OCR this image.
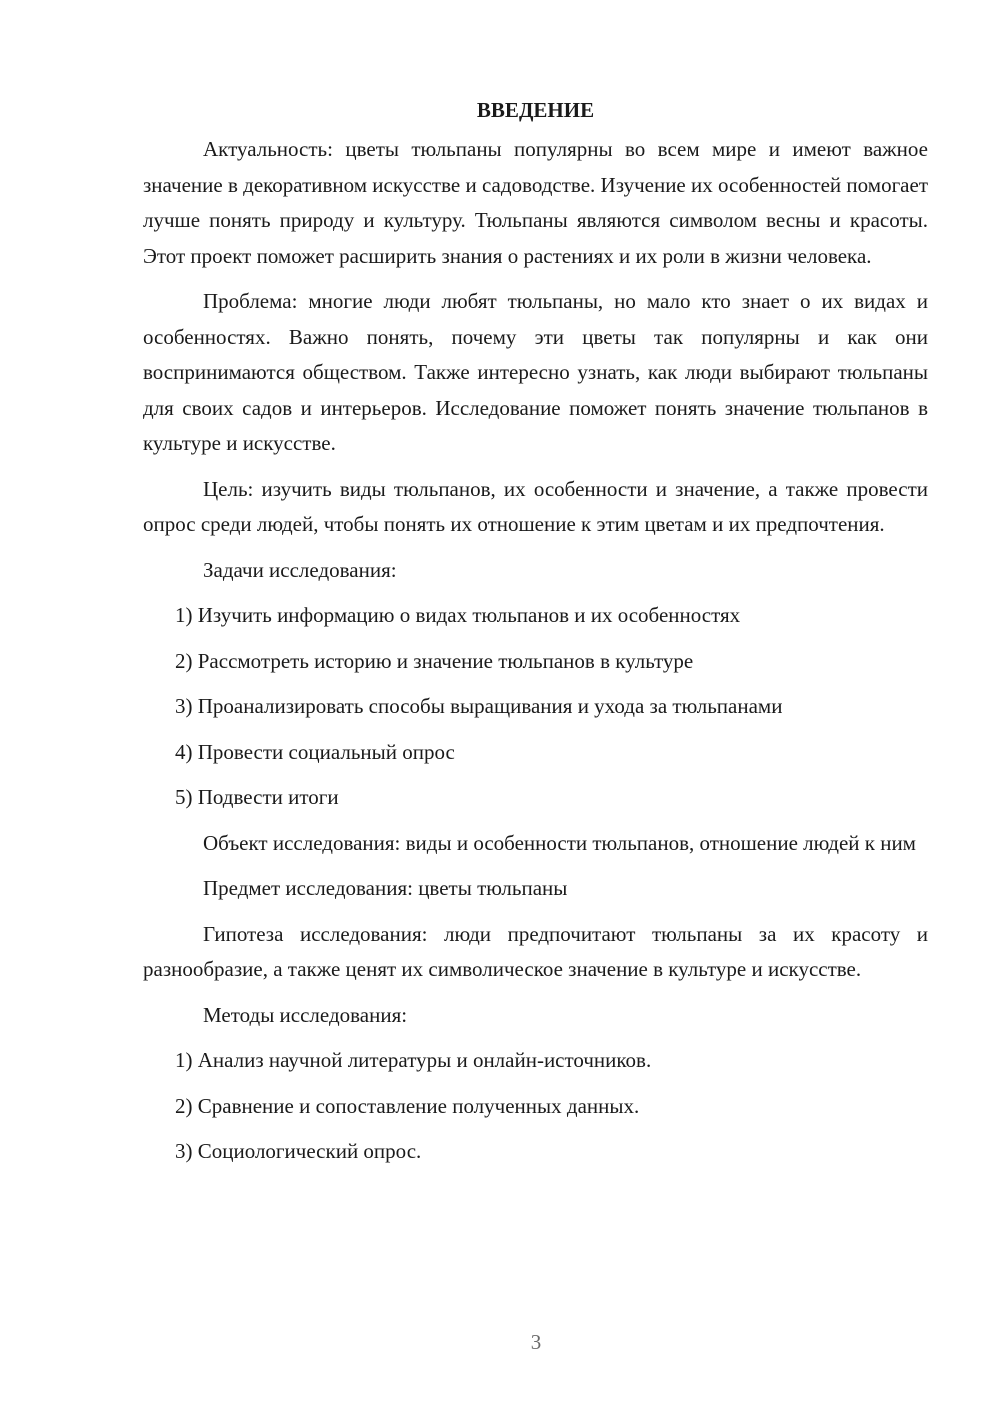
ВВЕДЕНИЕ

Актуальность: цветы тюльпаны популярны во всем мире и имеют важное значение в декоративном искусстве и садоводстве. Изучение их особенностей помогает лучше понять природу и культуру. Тюльпаны являются символом весны и красоты. Этот проект поможет расширить знания о растениях и их роли в жизни человека.

Проблема: многие люди любят тюльпаны, но мало кто знает о их видах и особенностях. Важно понять, почему эти цветы так популярны и как они воспринимаются обществом. Также интересно узнать, как люди выбирают тюльпаны для своих садов и интерьеров. Исследование поможет понять значение тюльпанов в культуре и искусстве.

Цель: изучить виды тюльпанов, их особенности и значение, а также провести опрос среди людей, чтобы понять их отношение к этим цветам и их предпочтения.

Задачи исследования:

1) Изучить информацию о видах тюльпанов и их особенностях

2) Рассмотреть историю и значение тюльпанов в культуре

3) Проанализировать способы выращивания и ухода за тюльпанами

4) Провести социальный опрос

5) Подвести итоги

Объект исследования: виды и особенности тюльпанов, отношение людей к ним

Предмет исследования: цветы тюльпаны

Гипотеза исследования: люди предпочитают тюльпаны за их красоту и разнообразие, а также ценят их символическое значение в культуре и искусстве.

Методы исследования:

1) Анализ научной литературы и онлайн-источников.

2) Сравнение и сопоставление полученных данных.

3) Социологический опрос.

3
